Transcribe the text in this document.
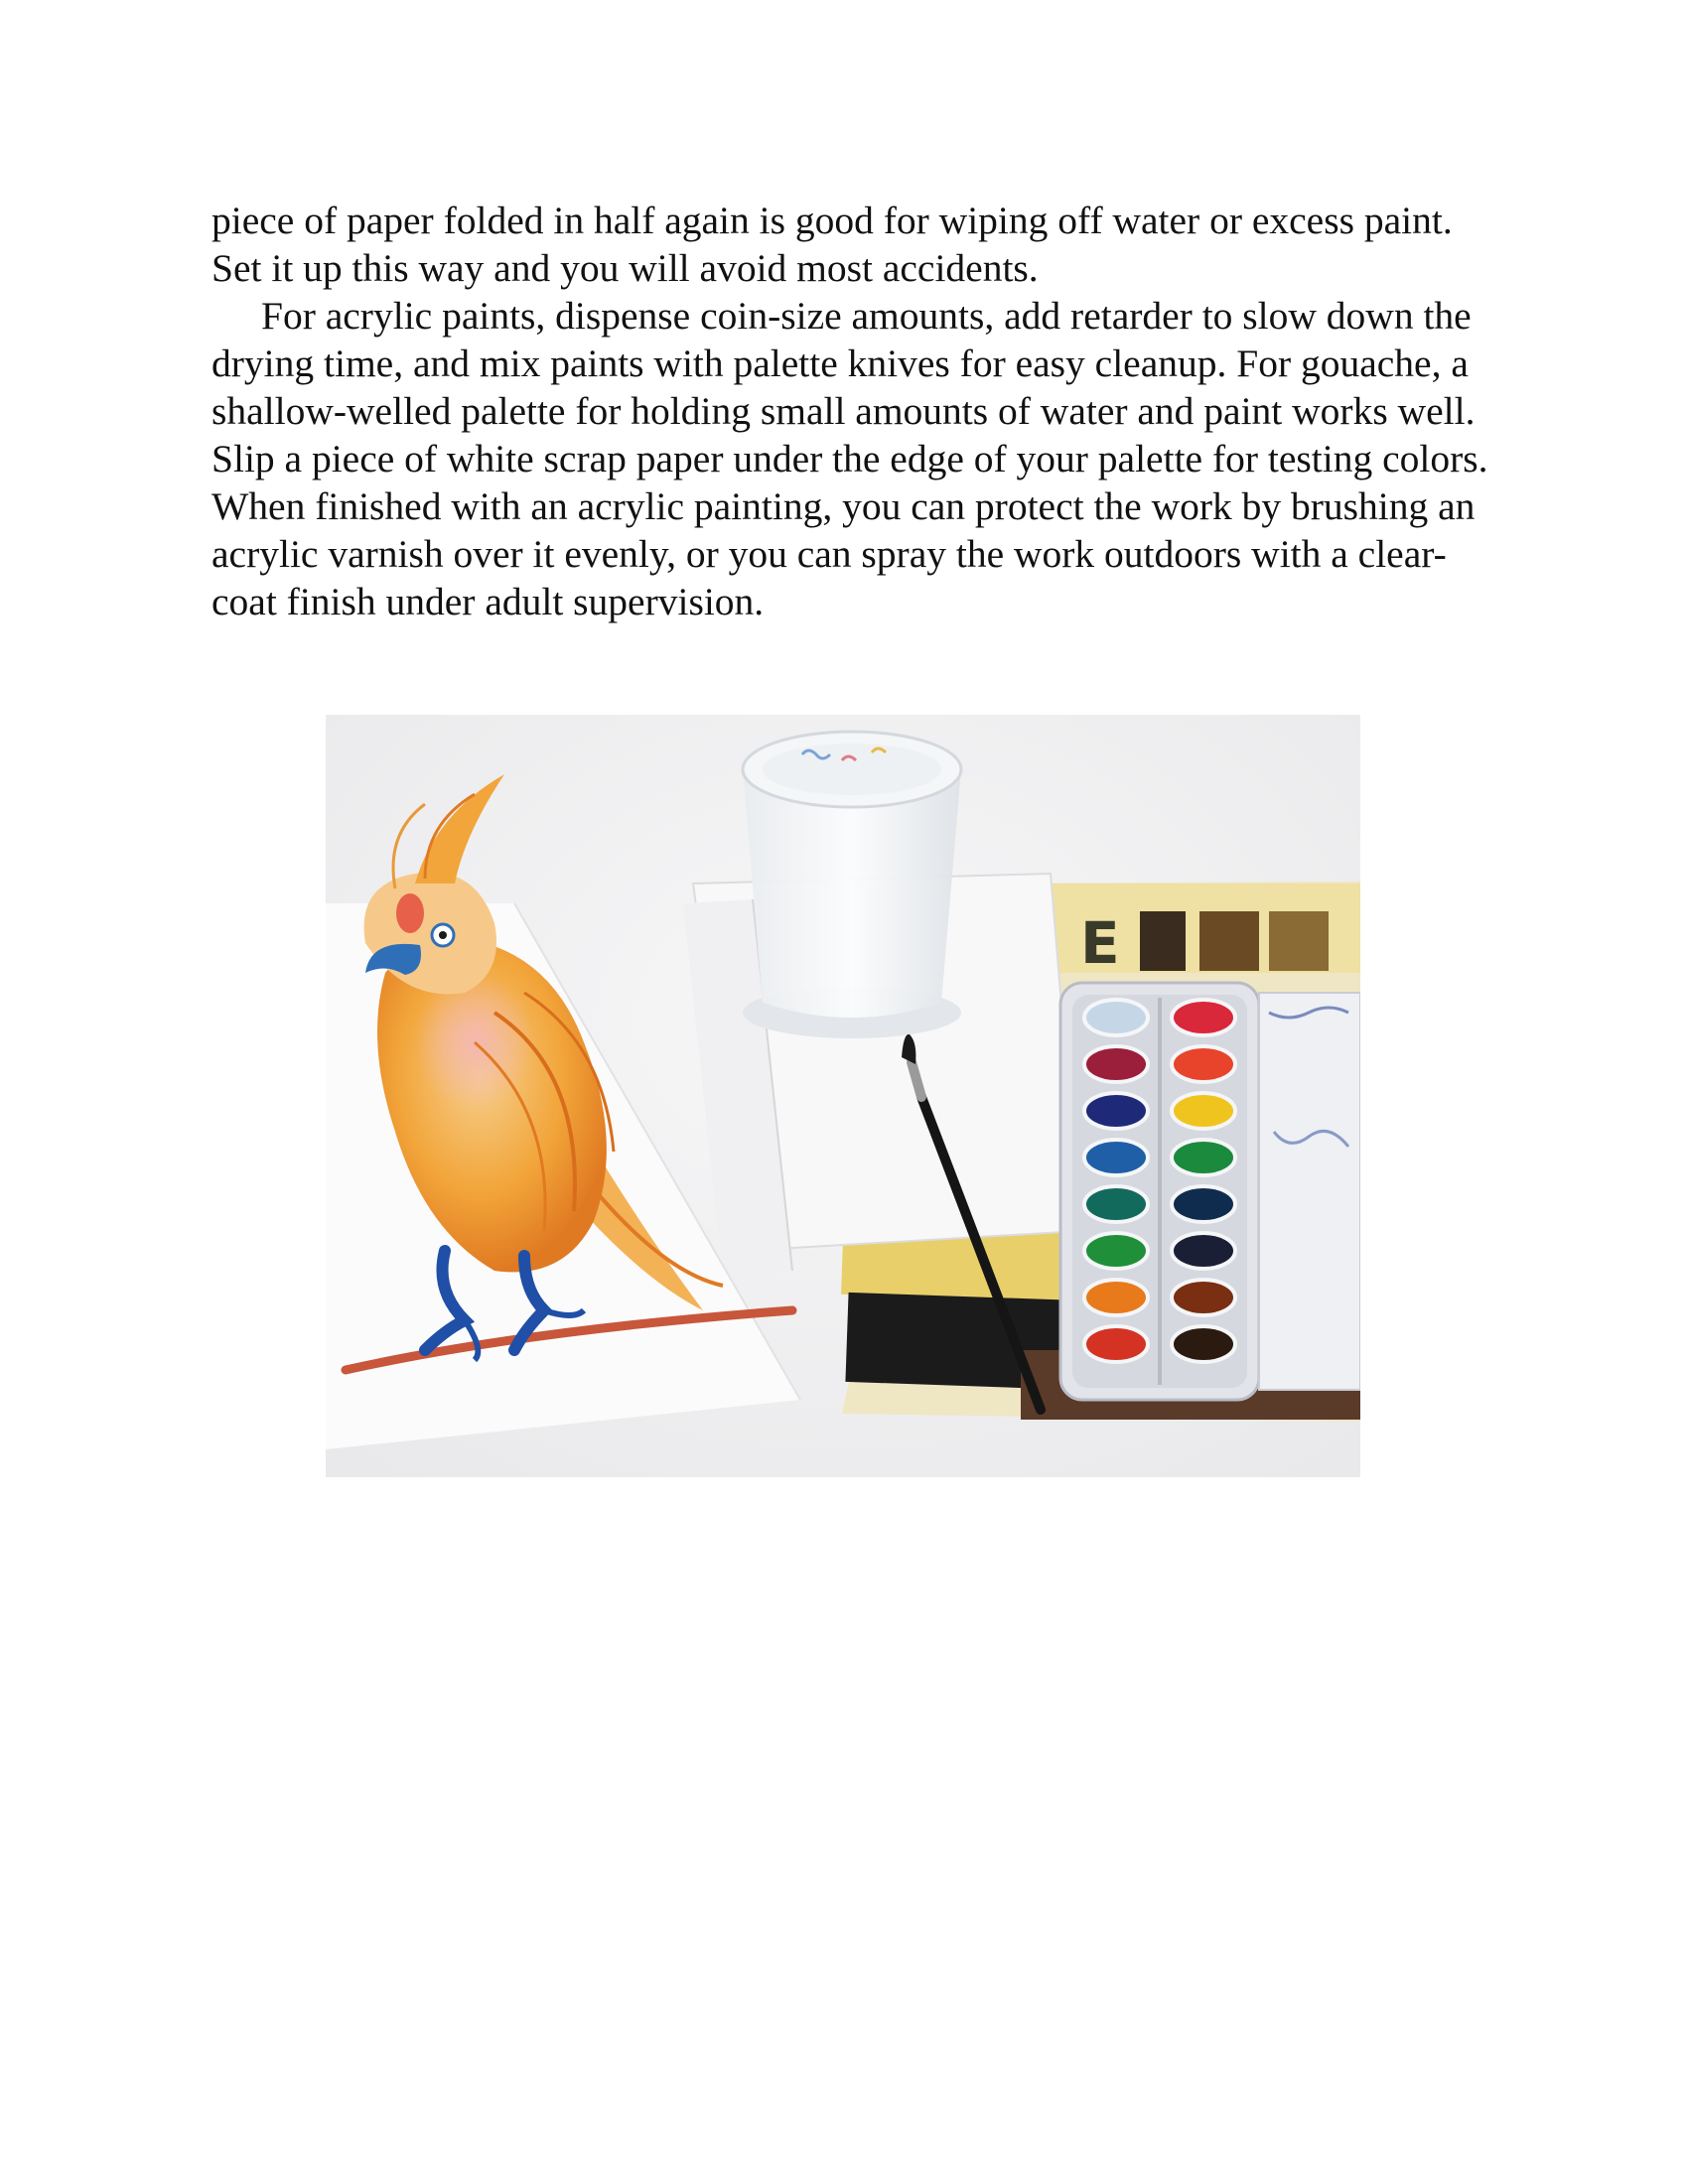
piece of paper folded in half again is good for wiping off water or excess paint. Set it up this way and you will avoid most accidents.

For acrylic paints, dispense coin-size amounts, add retarder to slow down the drying time, and mix paints with palette knives for easy cleanup. For gouache, a shallow-welled palette for holding small amounts of water and paint works well. Slip a piece of white scrap paper under the edge of your palette for testing colors. When finished with an acrylic painting, you can protect the work by brushing an acrylic varnish over it evenly, or you can spray the work outdoors with a clear-coat finish under adult supervision.

E
